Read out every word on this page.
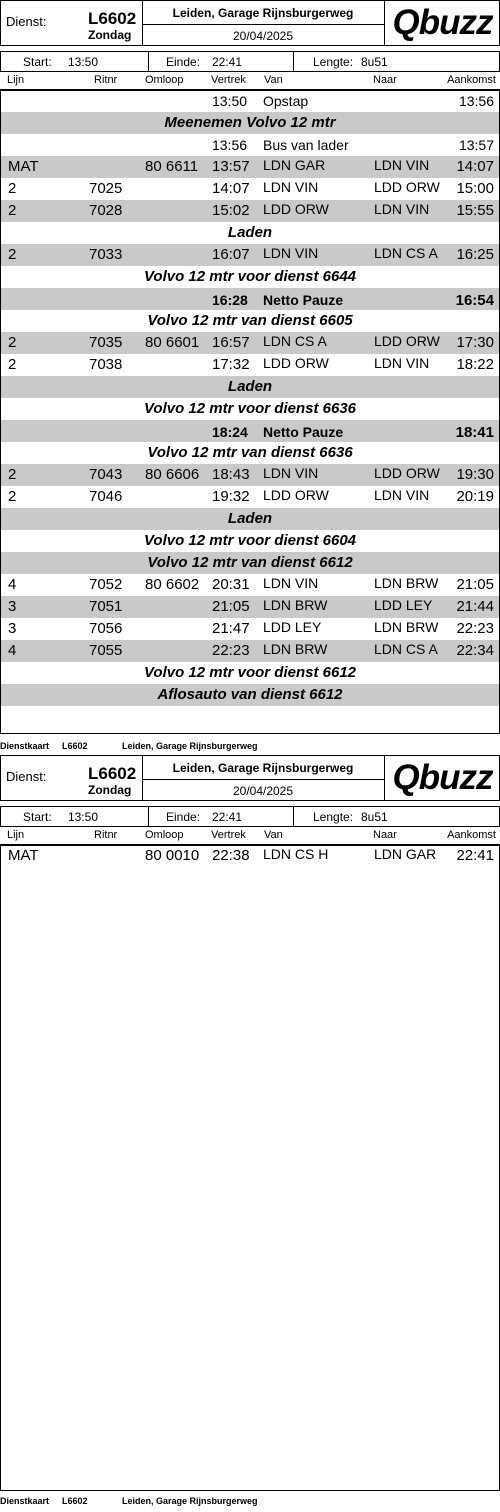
Dienst: L6602
Zondag
Leiden, Garage Rijnsburgerweg
20/04/2025	Qbuzz
Start: 13:50	Einde: 22:41	Lengte: 8u51
Lijn	Ritnr	Omloop Vertrek Van	Naar	Aankomst
13:50 Opstap	13:56
Meenemen Volvo 12 mtr
13:56 Bus van lader	13:57
MAT	80 6611 13:57 LDN GAR	LDN VIN 14:07
2	7025	14:07 LDN VIN	LDD ORW 15:00
2	7028	15:02 LDD ORW	LDN VIN 15:55
Laden
2	7033	16:07 LDN VIN	LDN CS A 16:25
Volvo 12 mtr voor dienst 6644
16:28 Netto Pauze	16:54
Volvo 12 mtr van dienst 6605
2	7035 80 6601 16:57 LDN CS A	LDD ORW 17:30
2	7038	17:32 LDD ORW	LDN VIN 18:22
Laden
Volvo 12 mtr voor dienst 6636
18:24 Netto Pauze	18:41
Volvo 12 mtr van dienst 6636
2	7043 80 6606 18:43 LDN VIN	LDD ORW 19:30
2	7046	19:32 LDD ORW	LDN VIN 20:19
Laden
Volvo 12 mtr voor dienst 6604
Volvo 12 mtr van dienst 6612
4	7052 80 6602 20:31 LDN VIN	LDN BRW 21:05
3	7051	21:05 LDN BRW	LDD LEY 21:44
3	7056	21:47 LDD LEY	LDN BRW 22:23
4	7055	22:23 LDN BRW	LDN CS A 22:34
Volvo 12 mtr voor dienst 6612
Aflosauto van dienst 6612
Dienstkaart L6602	Leiden, Garage Rijnsburgerweg
Dienst: L6602
Zondag
Leiden, Garage Rijnsburgerweg
20/04/2025	Qbuzz
Start: 13:50	Einde: 22:41	Lengte: 8u51
Lijn	Ritnr	Omloop Vertrek Van	Naar	Aankomst
MAT	80 0010 22:38 LDN CS H	LDN GAR 22:41
Dienstkaart L6602	Leiden, Garage Rijnsburgerweg
